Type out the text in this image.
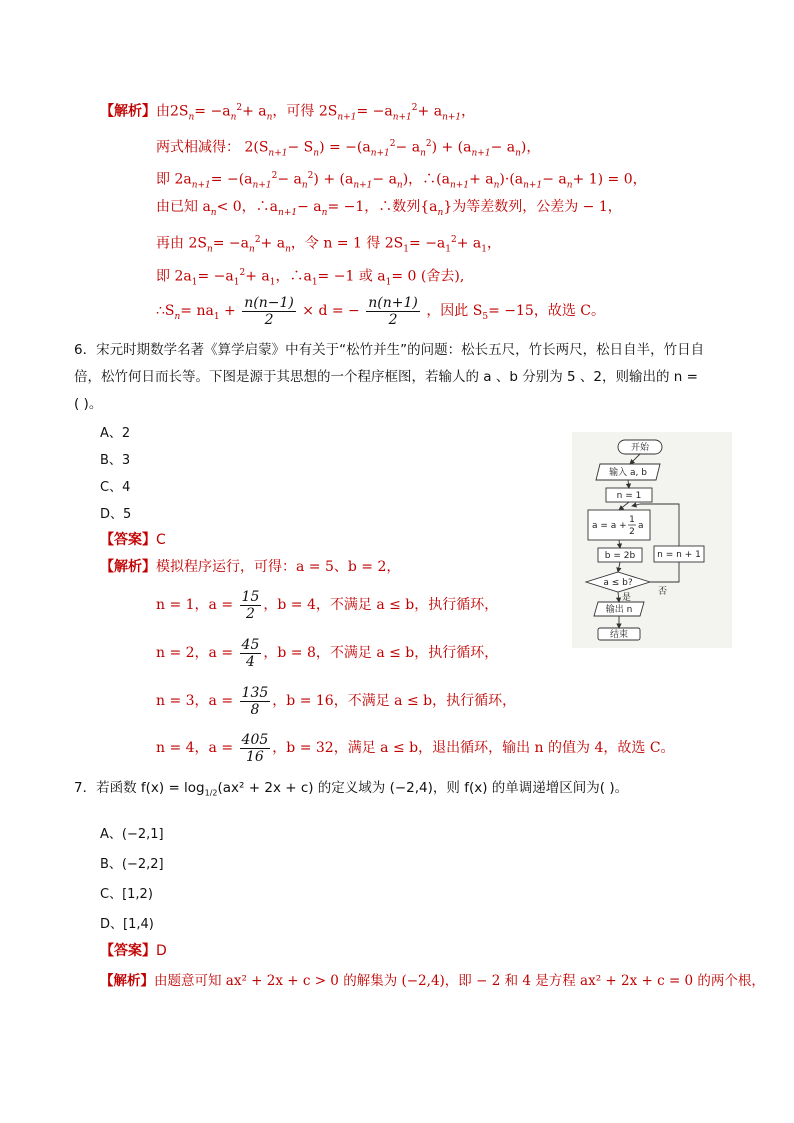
【解析】由$2S_n= -a_n^2+ a_n$，可得 $2S_{n+1}= -a_{n+1}^2+ a_{n+1}$，
两式相减得： $2(S_{n+1}- S_n) = -(a_{n+1}^2- a_n^2) + (a_{n+1}- a_n)$，
即 $2a_{n+1}= -(a_{n+1}^2- a_n^2) + (a_{n+1}- a_n)$，$\therefore(a_{n+1}+ a_n)\cdot(a_{n+1}- a_n+ 1) = 0$，
由已知 $a_n< 0$，$\therefore a_{n+1}- a_n= -1$，∴数列$\{a_n\}$为等差数列，公差为 − 1，
再由 $2S_n= -a_n^2+ a_n$，令 n = 1 得 $2S_1= -a_1^2+ a_1$，
即 $2a_1= -a_1^2+ a_1$，$\therefore a_1= -1$ 或 $a_1= 0$ (舍去),
$\therefore S_n= na_1 + \frac{n(n-1)}{2} \times d$ = − $\frac{n(n+1)}{2}$ ，因此 $S_5= -15$，故选 C。
6．宋元时期数学名著《算学启蒙》中有关于“松竹并生”的问题：松长五尺，竹长两尺，松日自半，竹日自
倍，松竹何日而长等。下图是源于其思想的一个程序框图，若输人的 a 、b 分别为 5 、2，则输出的 n =
( )。
A、2
B、3
C、4
D、5
【答案】C
【解析】模拟程序运行，可得：a = 5、b = 2，
n = 1，$a = \frac{15}{2}$ ，b = 4，不满足 a ≤ b，执行循环，
n = 2，$a = \frac{45}{4}$ ，b = 8，不满足 a ≤ b，执行循环，
n = 3，$a = \frac{135}{8}$ ，b = 16，不满足 a ≤ b，执行循环，
n = 4，$a = \frac{405}{16}$ ，b = 32，满足 a ≤ b，退出循环，输出 n 的值为 4，故选 C。
开始
输入 a, b
n = 1
a = a +
1
2
a
b = 2b
a ≤ b?
是
否
n = n + 1
输出 n
结束
7．若函数 $f(x) = \log_{1/2}(ax^2 + 2x + c)$ 的定义域为 (−2,4)，则 f(x) 的单调递增区间为( )。
A、(−2,1]
B、(−2,2]
C、[1,2)
D、[1,4)
【答案】D
【解析】由题意可知 ax² + 2x + c > 0 的解集为 (−2,4)，即 − 2 和 4 是方程 ax² + 2x + c = 0 的两个根，
